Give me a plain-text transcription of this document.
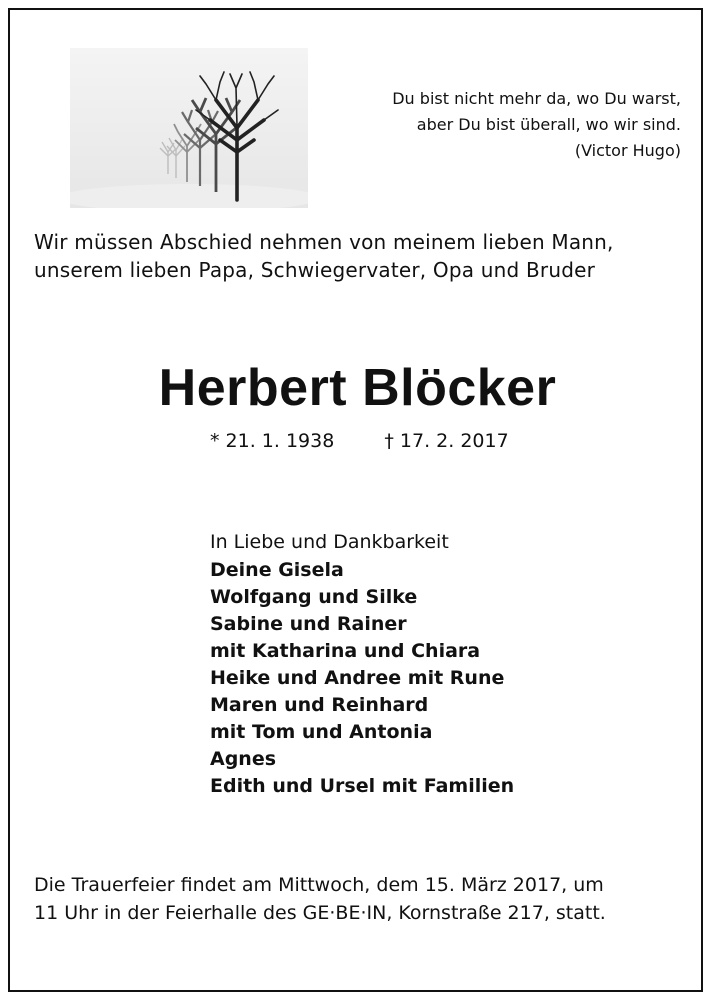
Du bist nicht mehr da, wo Du warst,
aber Du bist überall, wo wir sind.
(Victor Hugo)
Wir müssen Abschied nehmen von meinem lieben Mann,
unserem lieben Papa, Schwiegervater, Opa und Bruder
Herbert Blöcker
* 21. 1. 1938	† 17. 2. 2017
In Liebe und Dankbarkeit
Deine Gisela
Wolfgang und Silke
Sabine und Rainer
mit Katharina und Chiara
Heike und Andree mit Rune
Maren und Reinhard
mit Tom und Antonia
Agnes
Edith und Ursel mit Familien
Die Trauerfeier findet am Mittwoch, dem 15. März 2017, um
11 Uhr in der Feierhalle des GE·BE·IN, Kornstraße 217, statt.
